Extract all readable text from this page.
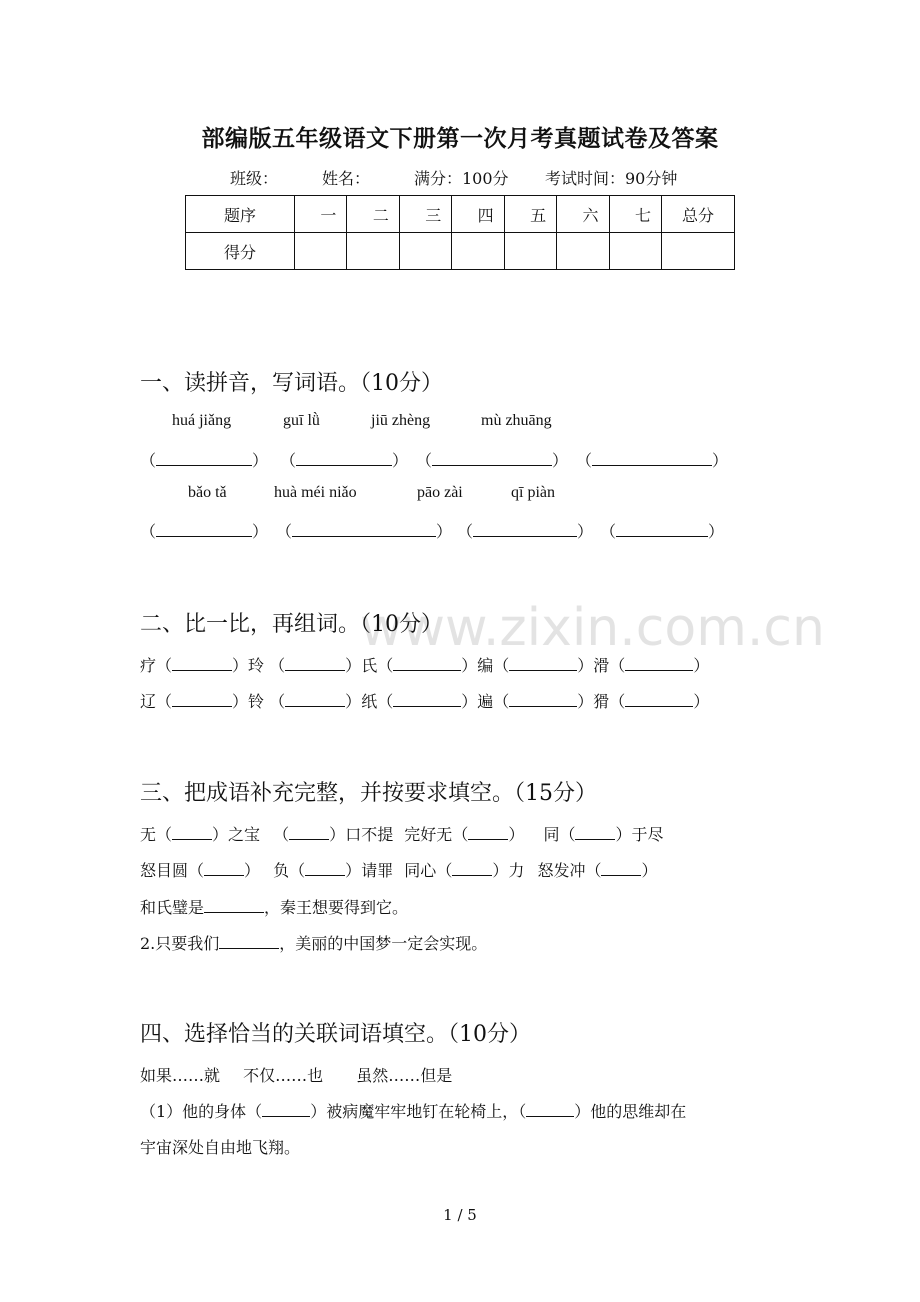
部编版五年级语文下册第一次月考真题试卷及答案
班级：	姓名：	满分：100分 考试时间：90分钟
题序	一	二	三	四	五	六	七	总分
得分								
www.zixin.com.cn
一、读拼音，写词语。（10分）
huá jiǎng	guī lǜ	jiū zhèng	mù zhuāng
（	） （	） （	） （	）
bǎo tǎ	huà méi niǎo	pāo zài	qī piàn
（	） （	） （	） （	）
二、比一比，再组词。（10分）
疗（	）玲 （	）氏（	）编（	）滑（	）
辽（	）铃 （	）纸（	）遍（	）猾（	）
三、把成语补充完整，并按要求填空。（15分）
无（	）之宝 （	）口不提 完好无（	） 同（	）于尽
怒目圆（	） 负（	）请罪 同心（	）力 怒发冲（	）
和氏璧是	，秦王想要得到它。
2.只要我们	，美丽的中国梦一定会实现。
四、选择恰当的关联词语填空。（10分）
如果……就 不仅……也 虽然……但是
（1）他的身体（	）被病魔牢牢地钉在轮椅上，（	）他的思维却在
宇宙深处自由地飞翔。
1 / 5
